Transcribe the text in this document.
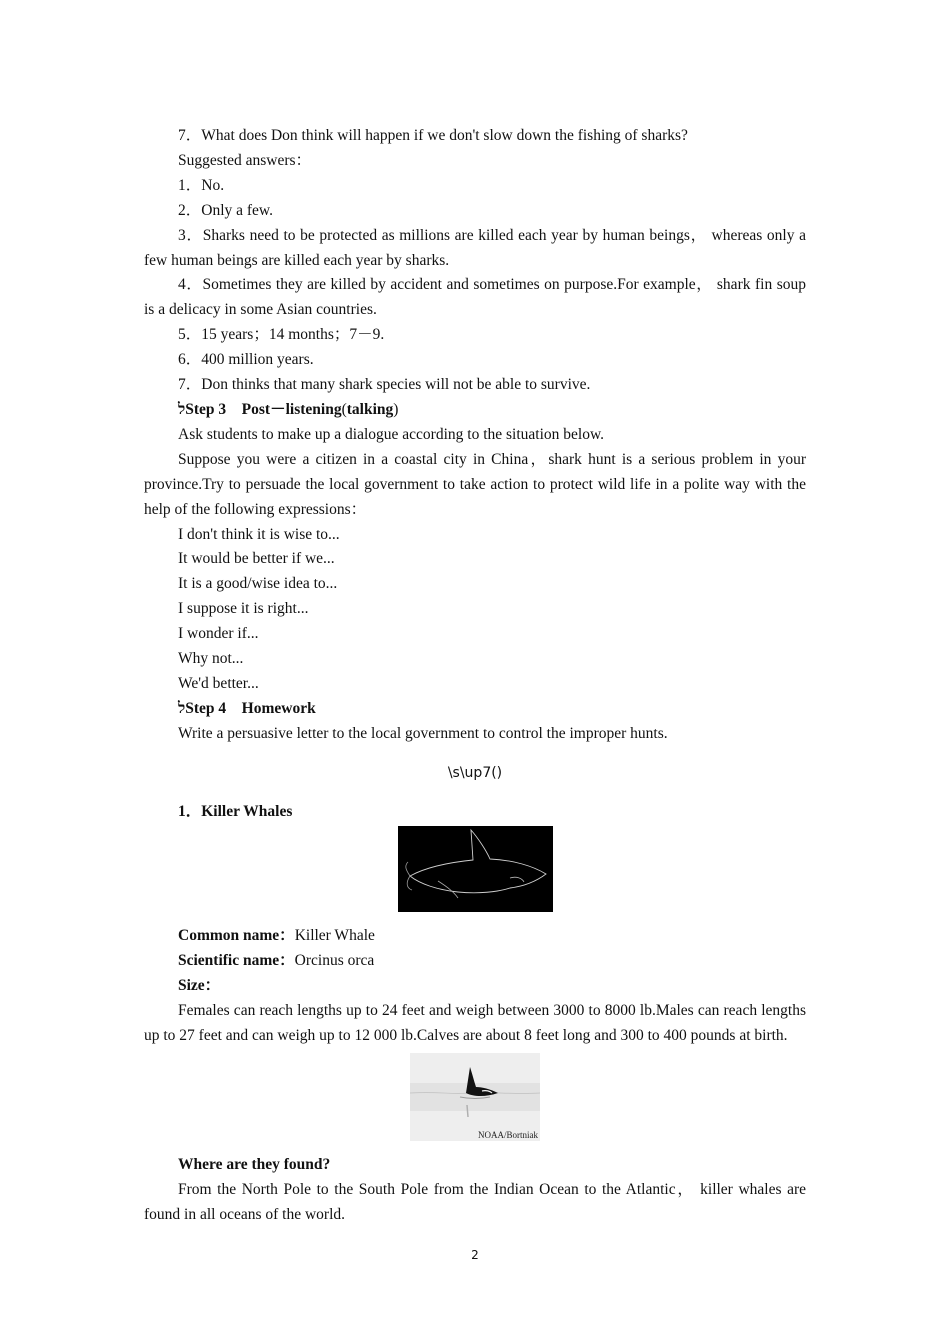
7．What does Don think will happen if we don't slow down the fishing of sharks?

Suggested answers：

1．No.

2．Only a few.

3．Sharks need to be protected as millions are killed each year by human beings， whereas only a few human beings are killed each year by sharks.

4．Sometimes they are killed by accident and sometimes on purpose.For example， shark fin soup is a delicacy in some Asian countries.

5．15 years；14 months；7－9.

6．400 million years.

7．Don thinks that many shark species will not be able to survive.

לStep 3　Post－listening(talking)

Ask students to make up a dialogue according to the situation below.

Suppose you were a citizen in a coastal city in China，shark hunt is a serious problem in your province.Try to persuade the local government to take action to protect wild life in a polite way with the help of the following expressions：

I don't think it is wise to...

It would be better if we...

It is a good/wise idea to...

I suppose it is right...

I wonder if...

Why not...

We'd better...

לStep 4　Homework

Write a persuasive letter to the local government to control the improper hunts.

\s\up7()

1．Killer Whales

Common name：Killer Whale

Scientific name：Orcinus orca

Size：

Females can reach lengths up to 24 feet and weigh between 3000 to 8000 lb.Males can reach lengths up to 27 feet and can weigh up to 12 000 lb.Calves are about 8 feet long and 300 to 400 pounds at birth.

NOAA/Bortniak

Where are they found?

From the North Pole to the South Pole from the Indian Ocean to the Atlantic， killer whales are found in all oceans of the world.

2
